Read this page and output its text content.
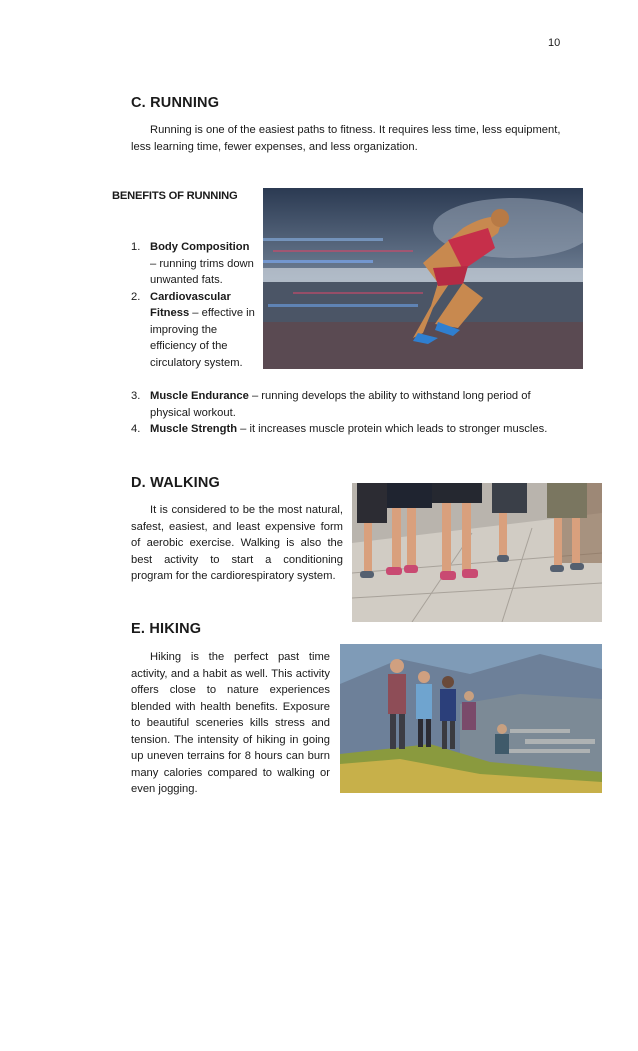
10
C. RUNNING

Running is one of the easiest paths to fitness. It requires less time, less equipment, less learning time, fewer expenses, and less organization.

BENEFITS OF RUNNING
1. Body Composition – running trims down unwanted fats.
2. Cardiovascular Fitness – effective in improving the efficiency of the circulatory system.
3. Muscle Endurance – running develops the ability to withstand long period of physical workout.
4. Muscle Strength – it increases muscle protein which leads to stronger muscles.
D. WALKING

It is considered to be the most natural, safest, easiest, and least expensive form of aerobic exercise. Walking is also the best activity to start a conditioning program for the cardiorespiratory system.

E. HIKING

Hiking is the perfect past time activity, and a habit as well. This activity offers close to nature experiences blended with health benefits. Exposure to beautiful sceneries kills stress and tension. The intensity of hiking in going up uneven terrains for 8 hours can burn many calories compared to walking or even jogging.
